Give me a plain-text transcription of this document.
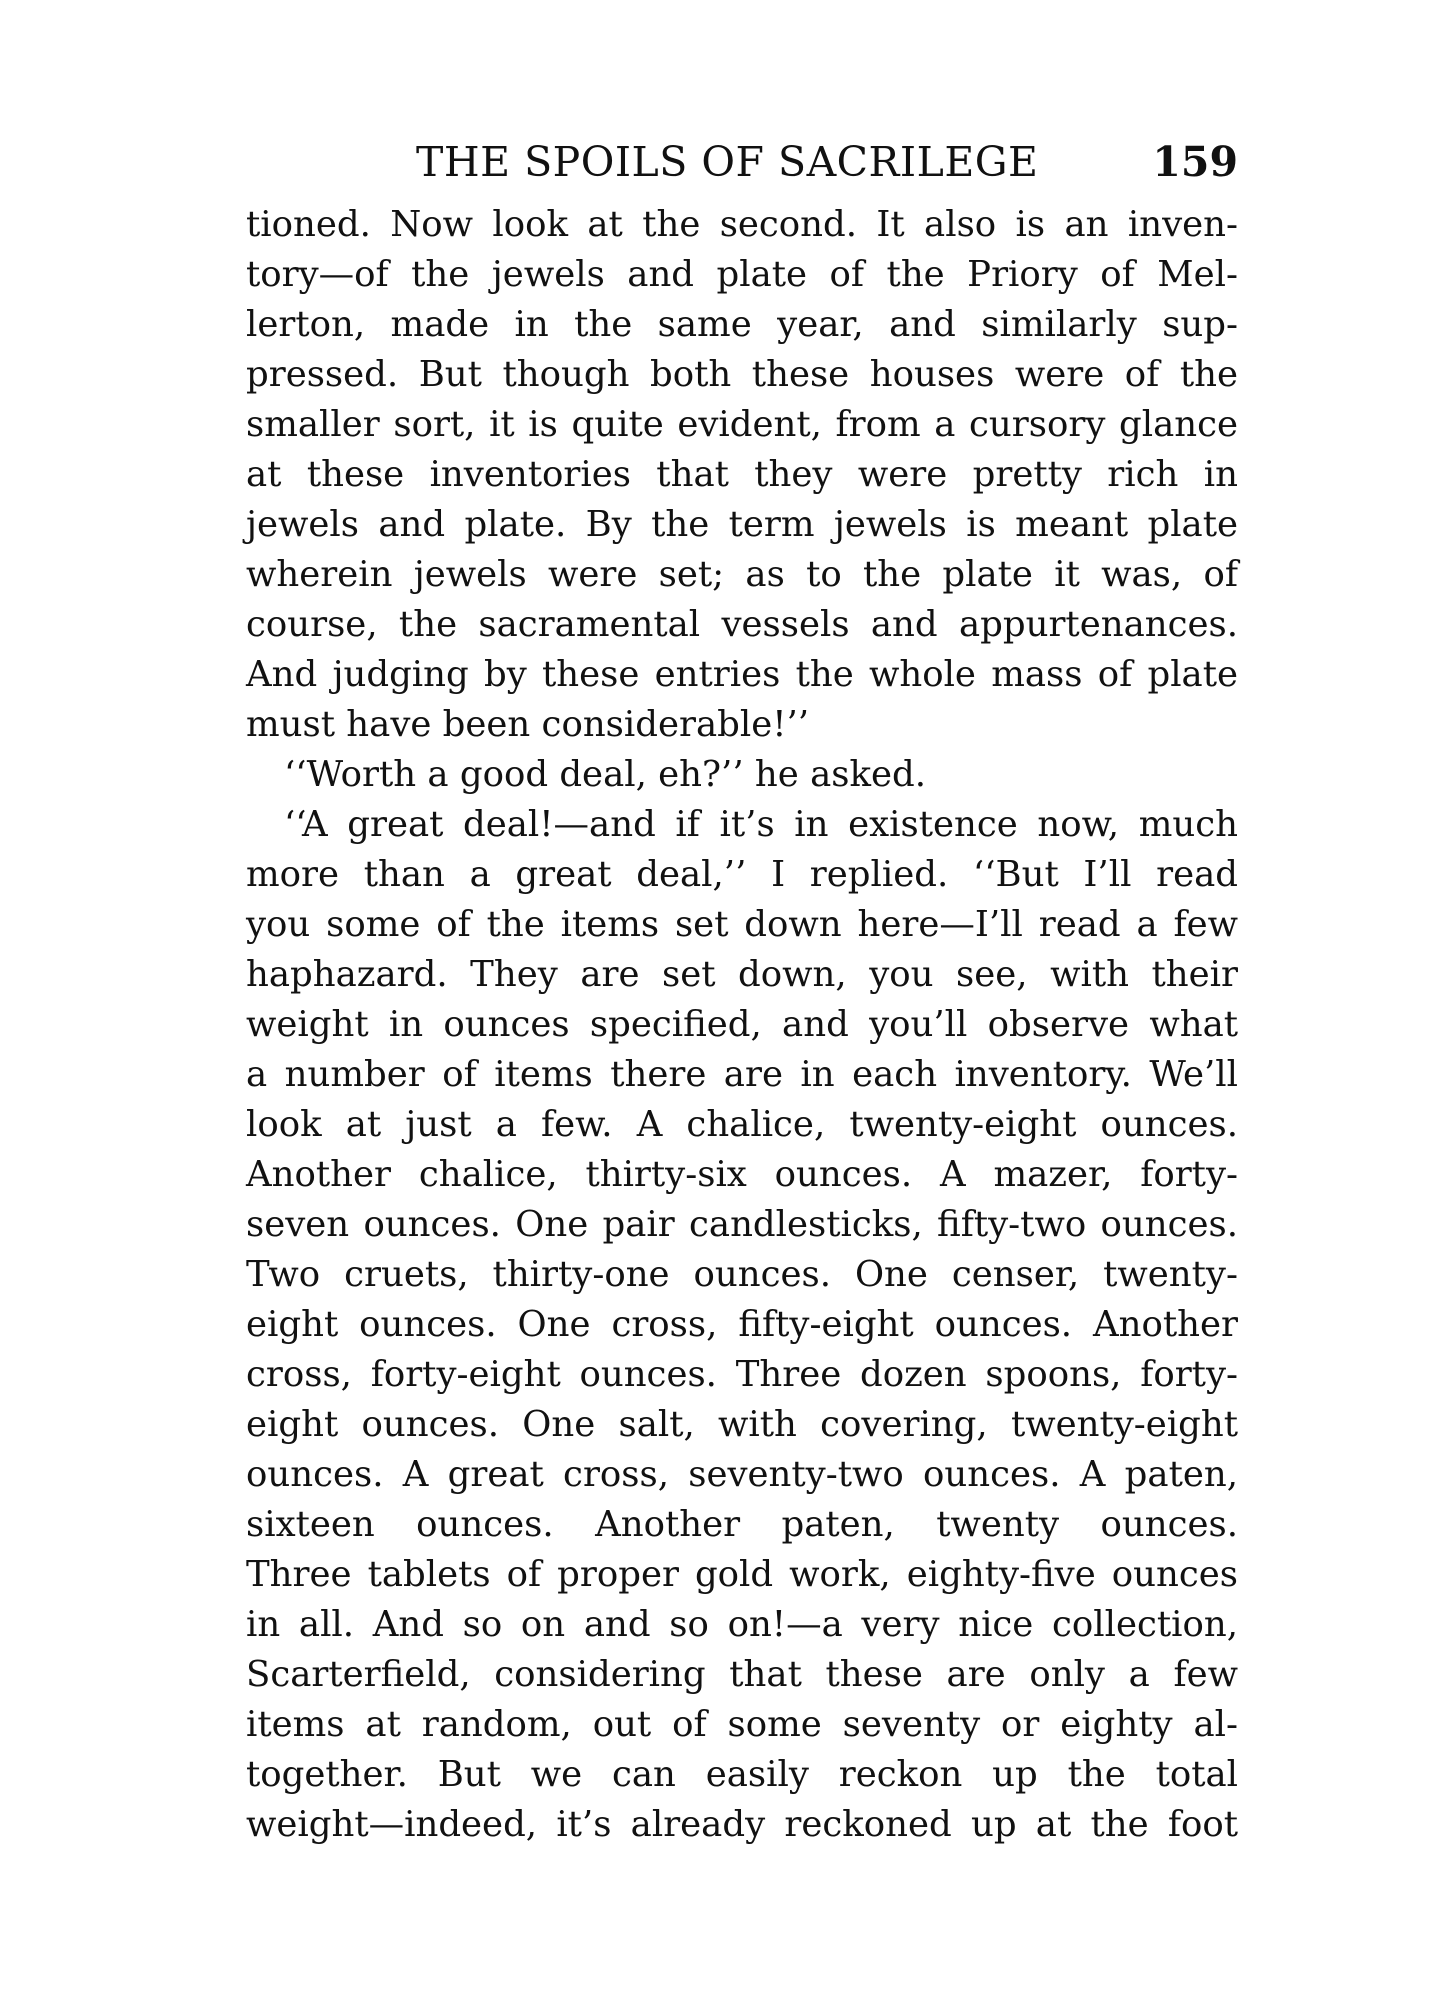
THE SPOILS OF SACRILEGE	159
tioned. Now look at the second. It also is an inven-
tory—of the jewels and plate of the Priory of Mel-
lerton, made in the same year, and similarly sup-
pressed. But though both these houses were of the
smaller sort, it is quite evident, from a cursory glance
at these inventories that they were pretty rich in
jewels and plate. By the term jewels is meant plate
wherein jewels were set; as to the plate it was, of
course, the sacramental vessels and appurtenances.
And judging by these entries the whole mass of plate
must have been considerable!’’
‘‘Worth a good deal, eh?’’ he asked.
‘‘A great deal!—and if it’s in existence now, much
more than a great deal,’’ I replied. ‘‘But I’ll read
you some of the items set down here—I’ll read a few
haphazard. They are set down, you see, with their
weight in ounces specified, and you’ll observe what
a number of items there are in each inventory. We’ll
look at just a few. A chalice, twenty-eight ounces.
Another chalice, thirty-six ounces. A mazer, forty-
seven ounces. One pair candlesticks, fifty-two ounces.
Two cruets, thirty-one ounces. One censer, twenty-
eight ounces. One cross, fifty-eight ounces. Another
cross, forty-eight ounces. Three dozen spoons, forty-
eight ounces. One salt, with covering, twenty-eight
ounces. A great cross, seventy-two ounces. A paten,
sixteen ounces. Another paten, twenty ounces.
Three tablets of proper gold work, eighty-five ounces
in all. And so on and so on!—a very nice collection,
Scarterfield, considering that these are only a few
items at random, out of some seventy or eighty al-
together. But we can easily reckon up the total
weight—indeed, it’s already reckoned up at the foot
